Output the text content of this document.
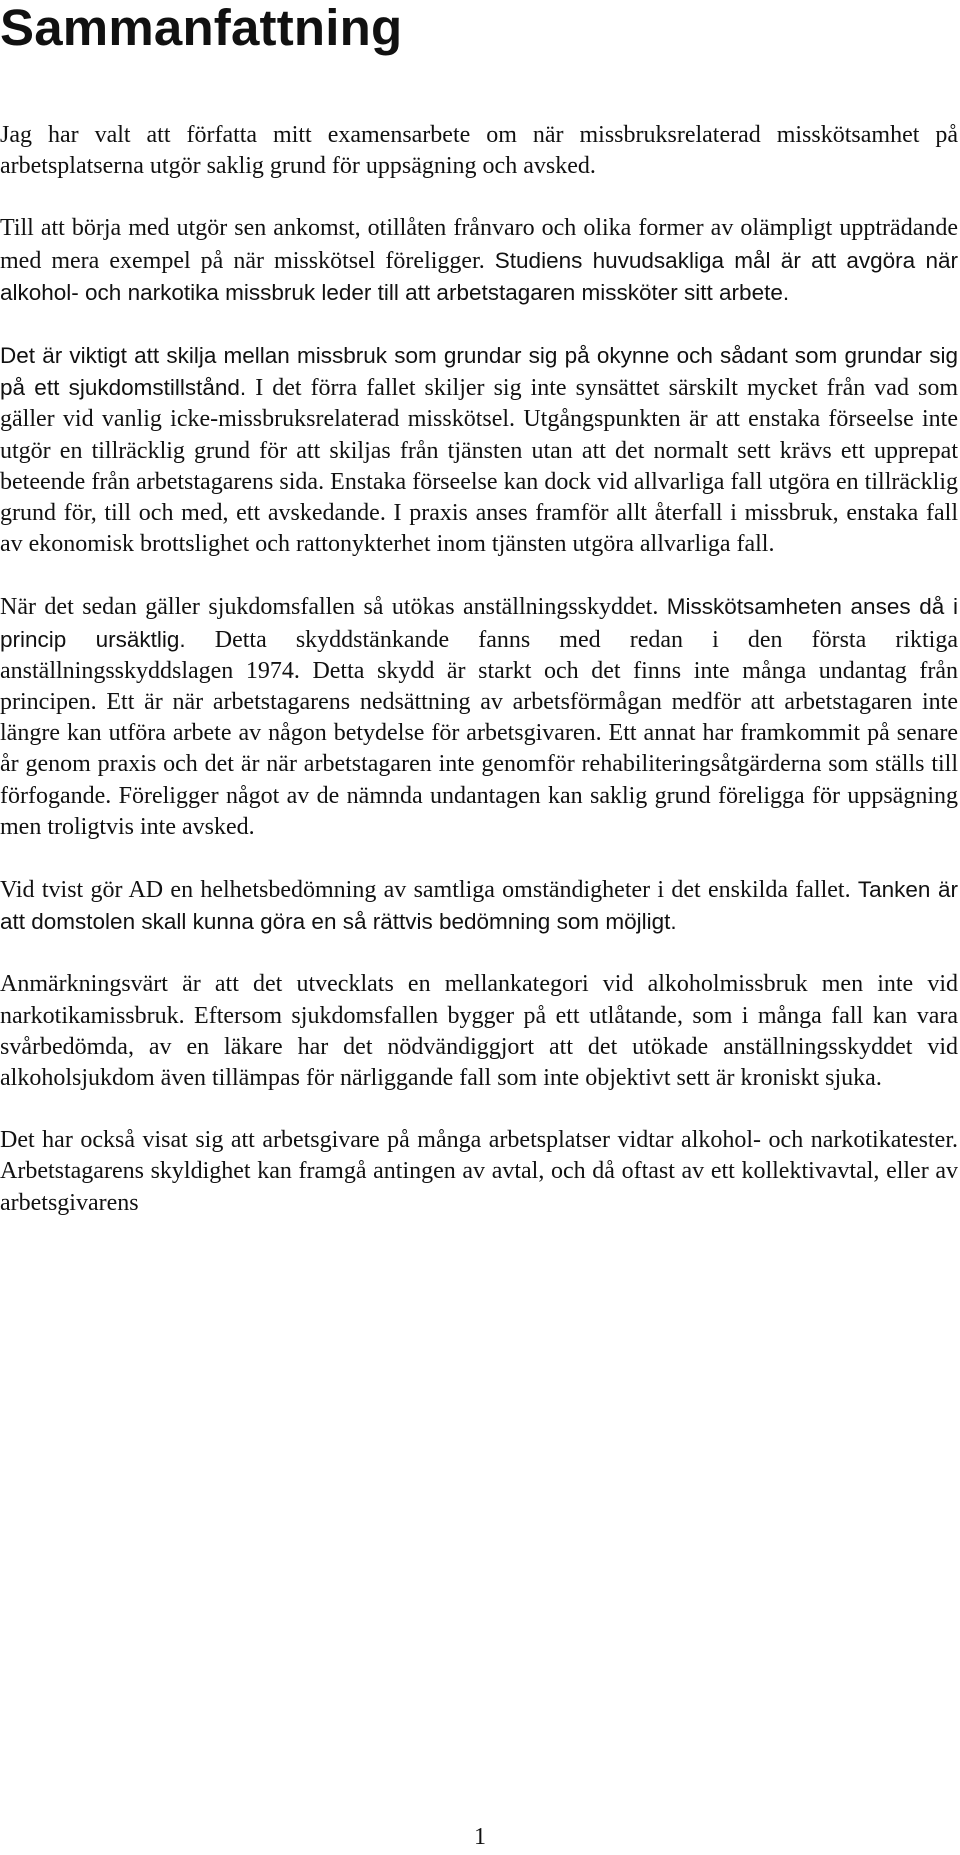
Sammanfattning

Jag har valt att författa mitt examensarbete om när missbruksrelaterad misskötsamhet på arbetsplatserna utgör saklig grund för uppsägning och avsked.

Till att börja med utgör sen ankomst, otillåten frånvaro och olika former av olämpligt uppträdande med mera exempel på när misskötsel föreligger. Studiens huvudsakliga mål är att avgöra när alkohol- och narkotika missbruk leder till att arbetstagaren missköter sitt arbete.

Det är viktigt att skilja mellan missbruk som grundar sig på okynne och sådant som grundar sig på ett sjukdomstillstånd. I det förra fallet skiljer sig inte synsättet särskilt mycket från vad som gäller vid vanlig icke-missbruksrelaterad misskötsel. Utgångspunkten är att enstaka förseelse inte utgör en tillräcklig grund för att skiljas från tjänsten utan att det normalt sett krävs ett upprepat beteende från arbetstagarens sida. Enstaka förseelse kan dock vid allvarliga fall utgöra en tillräcklig grund för, till och med, ett avskedande. I praxis anses framför allt återfall i missbruk, enstaka fall av ekonomisk brottslighet och rattonykterhet inom tjänsten utgöra allvarliga fall.

När det sedan gäller sjukdomsfallen så utökas anställningsskyddet. Misskötsamheten anses då i princip ursäktlig. Detta skyddstänkande fanns med redan i den första riktiga anställningsskyddslagen 1974. Detta skydd är starkt och det finns inte många undantag från principen. Ett är när arbetstagarens nedsättning av arbetsförmågan medför att arbetstagaren inte längre kan utföra arbete av någon betydelse för arbetsgivaren. Ett annat har framkommit på senare år genom praxis och det är när arbetstagaren inte genomför rehabiliteringsåtgärderna som ställs till förfogande. Föreligger något av de nämnda undantagen kan saklig grund föreligga för uppsägning men troligtvis inte avsked.

Vid tvist gör AD en helhetsbedömning av samtliga omständigheter i det enskilda fallet. Tanken är att domstolen skall kunna göra en så rättvis bedömning som möjligt.

Anmärkningsvärt är att det utvecklats en mellankategori vid alkoholmissbruk men inte vid narkotikamissbruk. Eftersom sjukdomsfallen bygger på ett utlåtande, som i många fall kan vara svårbedömda, av en läkare har det nödvändiggjort att det utökade anställningsskyddet vid alkoholsjukdom även tillämpas för närliggande fall som inte objektivt sett är kroniskt sjuka.

Det har också visat sig att arbetsgivare på många arbetsplatser vidtar alkohol- och narkotikatester. Arbetstagarens skyldighet kan framgå antingen av avtal, och då oftast av ett kollektivavtal, eller av arbetsgivarens

1
